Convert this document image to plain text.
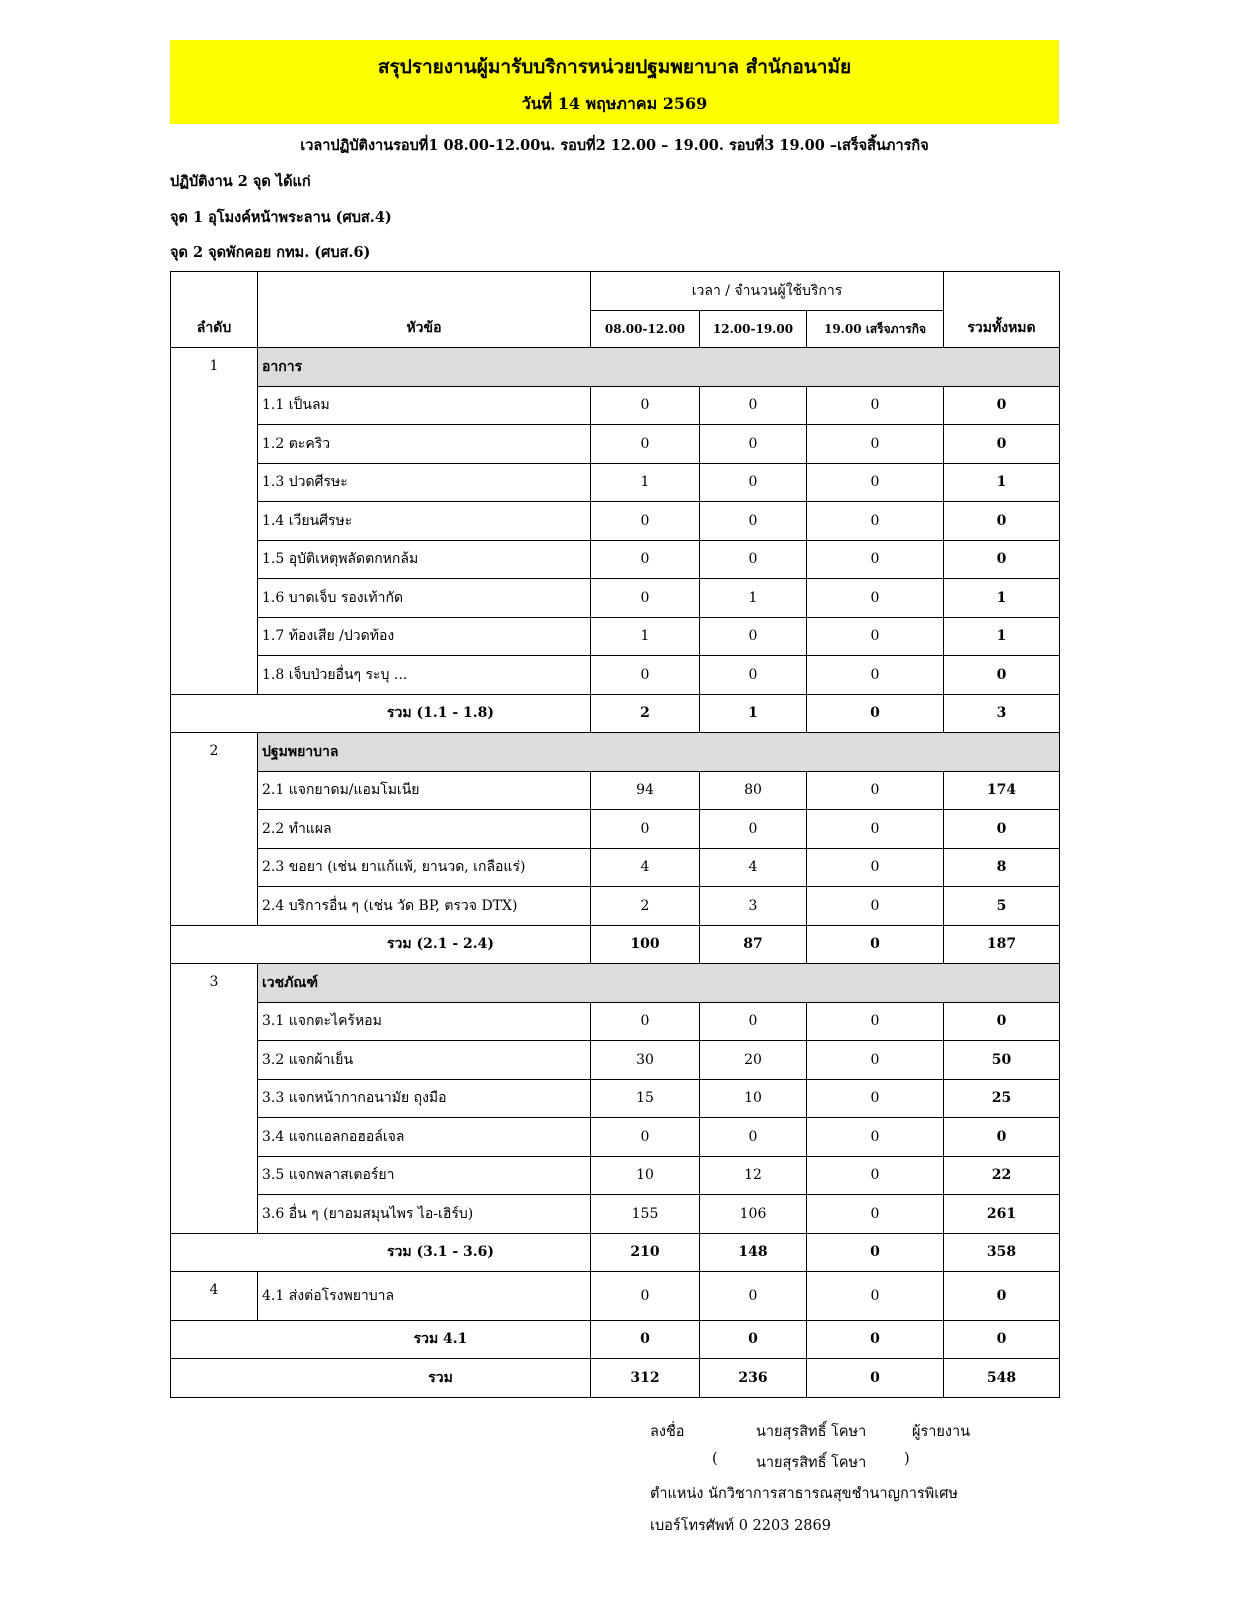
สรุปรายงานผู้มารับบริการหน่วยปฐมพยาบาล สำนักอนามัย
วันที่ 14 พฤษภาคม 2569
เวลาปฏิบัติงานรอบที่1 08.00-12.00น. รอบที่2 12.00 – 19.00. รอบที่3 19.00 –เสร็จสิ้นภารกิจ
ปฏิบัติงาน 2 จุด ได้แก่
จุด 1 อุโมงค์หน้าพระลาน (ศบส.4)
จุด 2 จุดพักคอย กทม. (ศบส.6)
ลำดับ	หัวข้อ	เวลา / จำนวนผู้ใช้บริการ			รวมทั้งหมด
		08.00-12.00	12.00-19.00	19.00 เสร็จภารกิจ	
1	อาการ				
	1.1 เป็นลม	0	0	0	0
	1.2 ตะคริว	0	0	0	0
	1.3 ปวดศีรษะ	1	0	0	1
	1.4 เวียนศีรษะ	0	0	0	0
	1.5 อุบัติเหตุพลัดตกหกล้ม	0	0	0	0
	1.6 บาดเจ็บ รองเท้ากัด	0	1	0	1
	1.7 ท้องเสีย /ปวดท้อง	1	0	0	1
	1.8 เจ็บป่วยอื่นๆ ระบุ ...	0	0	0	0
รวม (1.1 - 1.8)		2	1	0	3
2	ปฐมพยาบาล				
	2.1 แจกยาดม/แอมโมเนีย	94	80	0	174
	2.2 ทำแผล	0	0	0	0
	2.3 ขอยา (เช่น ยาแก้แพ้, ยานวด, เกลือแร่)	4	4	0	8
	2.4 บริการอื่น ๆ (เช่น วัด BP, ตรวจ DTX)	2	3	0	5
รวม (2.1 - 2.4)		100	87	0	187
3	เวชภัณฑ์				
	3.1 แจกตะไคร้หอม	0	0	0	0
	3.2 แจกผ้าเย็น	30	20	0	50
	3.3 แจกหน้ากากอนามัย ถุงมือ	15	10	0	25
	3.4 แจกแอลกอฮอล์เจล	0	0	0	0
	3.5 แจกพลาสเตอร์ยา	10	12	0	22
	3.6 อื่น ๆ (ยาอมสมุนไพร ไอ-เฮิร์บ)	155	106	0	261
รวม (3.1 - 3.6)		210	148	0	358
4	4.1 ส่งต่อโรงพยาบาล	0	0	0	0
รวม 4.1		0	0	0	0
รวม		312	236	0	548
ลงชื่อ	นายสุรสิทธิ์ โคษา	ผู้รายงาน
(	นายสุรสิทธิ์ โคษา	)
ตำแหน่ง นักวิชาการสาธารณสุขชำนาญการพิเศษ
เบอร์โทรศัพท์ 0 2203 2869
